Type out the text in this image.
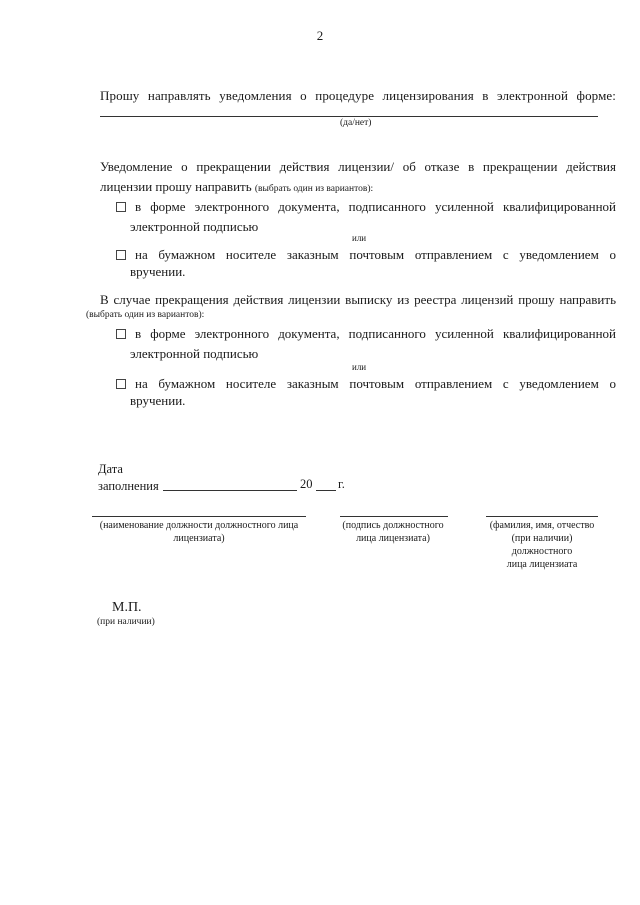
2
Прошу направлять уведомления о процедуре лицензирования в электронной форме:
(да/нет)
Уведомление о прекращении действия лицензии/ об отказе в прекращении действия
лицензии прошу направить (выбрать один из вариантов):
в форме электронного документа, подписанного усиленной квалифицированной
электронной подписью
или
на бумажном носителе заказным почтовым отправлением с уведомлением о
вручении.
В случае прекращения действия лицензии выписку из реестра лицензий прошу направить
(выбрать один из вариантов):
в форме электронного документа, подписанного усиленной квалифицированной
электронной подписью
или
на бумажном носителе заказным почтовым отправлением с уведомлением о
вручении.
Дата
заполнения	20 г.
(наименование должности должностного лица
лицензиата)
(подпись должностного
лица лицензиата)
(фамилия, имя, отчество
(при наличии)
должностного
лица лицензиата
М.П.
(при наличии)
